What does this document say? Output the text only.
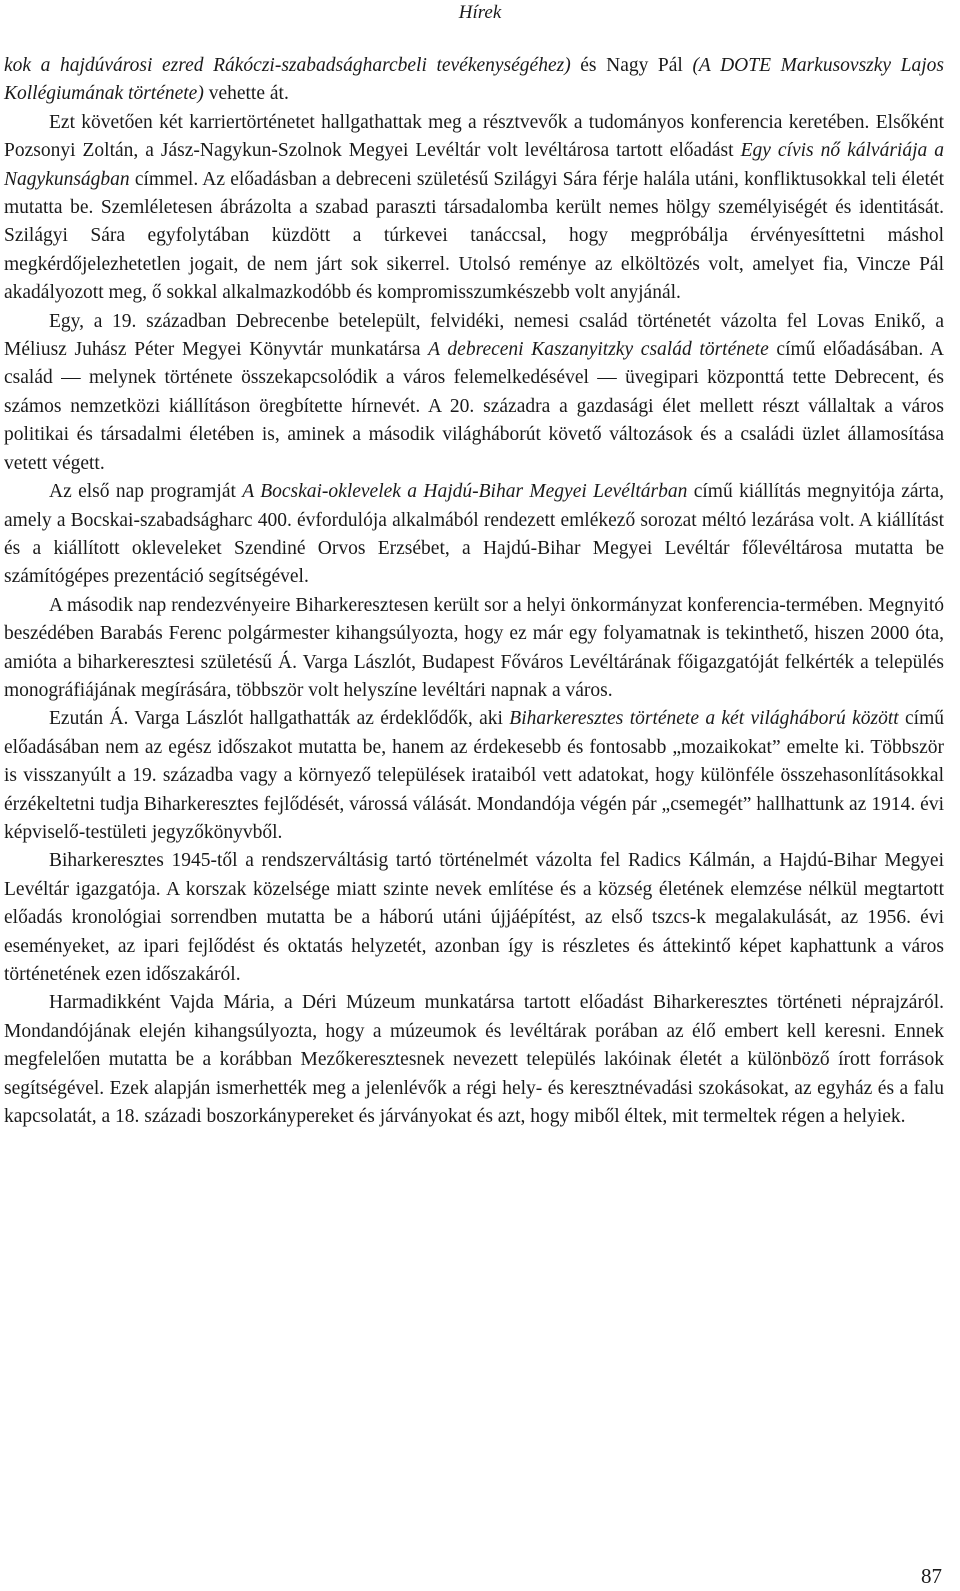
Hírek

kok a hajdúvárosi ezred Rákóczi-szabadságharcbeli tevékenységéhez) és Nagy Pál (A DOTE Markusovszky Lajos Kollégiumának története) vehette át.

Ezt követően két karriertörténetet hallgathattak meg a résztvevők a tudományos konferencia keretében. Elsőként Pozsonyi Zoltán, a Jász-Nagykun-Szolnok Megyei Levéltár volt levéltárosa tartott előadást Egy cívis nő kálváriája a Nagykunságban címmel. Az előadásban a debreceni születésű Szilágyi Sára férje halála utáni, konfliktusokkal teli életét mutatta be. Szemléletesen ábrázolta a szabad paraszti társadalomba került nemes hölgy személyiségét és identitását. Szilágyi Sára egyfolytában küzdött a túrkevei tanáccsal, hogy megpróbálja érvényesíttetni máshol megkérdőjelezhetetlen jogait, de nem járt sok sikerrel. Utolsó reménye az elköltözés volt, amelyet fia, Vincze Pál akadályozott meg, ő sokkal alkalmazkodóbb és kompromisszumkészebb volt anyjánál.

Egy, a 19. században Debrecenbe betelepült, felvidéki, nemesi család történetét vázolta fel Lovas Enikő, a Méliusz Juhász Péter Megyei Könyvtár munkatársa A debreceni Kaszanyitzky család története című előadásában. A család — melynek története összekapcsolódik a város felemelkedésével — üvegipari központtá tette Debrecent, és számos nemzetközi kiállításon öregbítette hírnevét. A 20. századra a gazdasági élet mellett részt vállaltak a város politikai és társadalmi életében is, aminek a második világháborút követő változások és a családi üzlet államosítása vetett végett.

Az első nap programját A Bocskai-oklevelek a Hajdú-Bihar Megyei Levéltárban című kiállítás megnyitója zárta, amely a Bocskai-szabadságharc 400. évfordulója alkalmából rendezett emlékező sorozat méltó lezárása volt. A kiállítást és a kiállított okleveleket Szendiné Orvos Erzsébet, a Hajdú-Bihar Megyei Levéltár főlevéltárosa mutatta be számítógépes prezentáció segítségével.

A második nap rendezvényeire Biharkeresztesen került sor a helyi önkormányzat konferencia-termében. Megnyitó beszédében Barabás Ferenc polgármester kihangsúlyozta, hogy ez már egy folyamatnak is tekinthető, hiszen 2000 óta, amióta a biharkeresztesi születésű Á. Varga Lászlót, Budapest Főváros Levéltárának főigazgatóját felkérték a település monográfiájának megírására, többször volt helyszíne levéltári napnak a város.

Ezután Á. Varga Lászlót hallgathatták az érdeklődők, aki Biharkeresztes története a két világháború között című előadásában nem az egész időszakot mutatta be, hanem az érdekesebb és fontosabb „mozaikokat” emelte ki. Többször is visszanyúlt a 19. századba vagy a környező települések irataiból vett adatokat, hogy különféle összehasonlításokkal érzékeltetni tudja Biharkeresztes fejlődését, várossá válását. Mondandója végén pár „csemegét” hallhattunk az 1914. évi képviselő-testületi jegyzőkönyvből.

Biharkeresztes 1945-től a rendszerváltásig tartó történelmét vázolta fel Radics Kálmán, a Hajdú-Bihar Megyei Levéltár igazgatója. A korszak közelsége miatt szinte nevek említése és a község életének elemzése nélkül megtartott előadás kronológiai sorrendben mutatta be a háború utáni újjáépítést, az első tszcs-k megalakulását, az 1956. évi eseményeket, az ipari fejlődést és oktatás helyzetét, azonban így is részletes és áttekintő képet kaphattunk a város történetének ezen időszakáról.

Harmadikként Vajda Mária, a Déri Múzeum munkatársa tartott előadást Biharkeresztes történeti néprajzáról. Mondandójának elején kihangsúlyozta, hogy a múzeumok és levéltárak porában az élő embert kell keresni. Ennek megfelelően mutatta be a korábban Mezőkeresztesnek nevezett település lakóinak életét a különböző írott források segítségével. Ezek alapján ismerhették meg a jelenlévők a régi hely- és keresztnévadási szokásokat, az egyház és a falu kapcsolatát, a 18. századi boszorkánypereket és járványokat és azt, hogy miből éltek, mit termeltek régen a helyiek.

87
